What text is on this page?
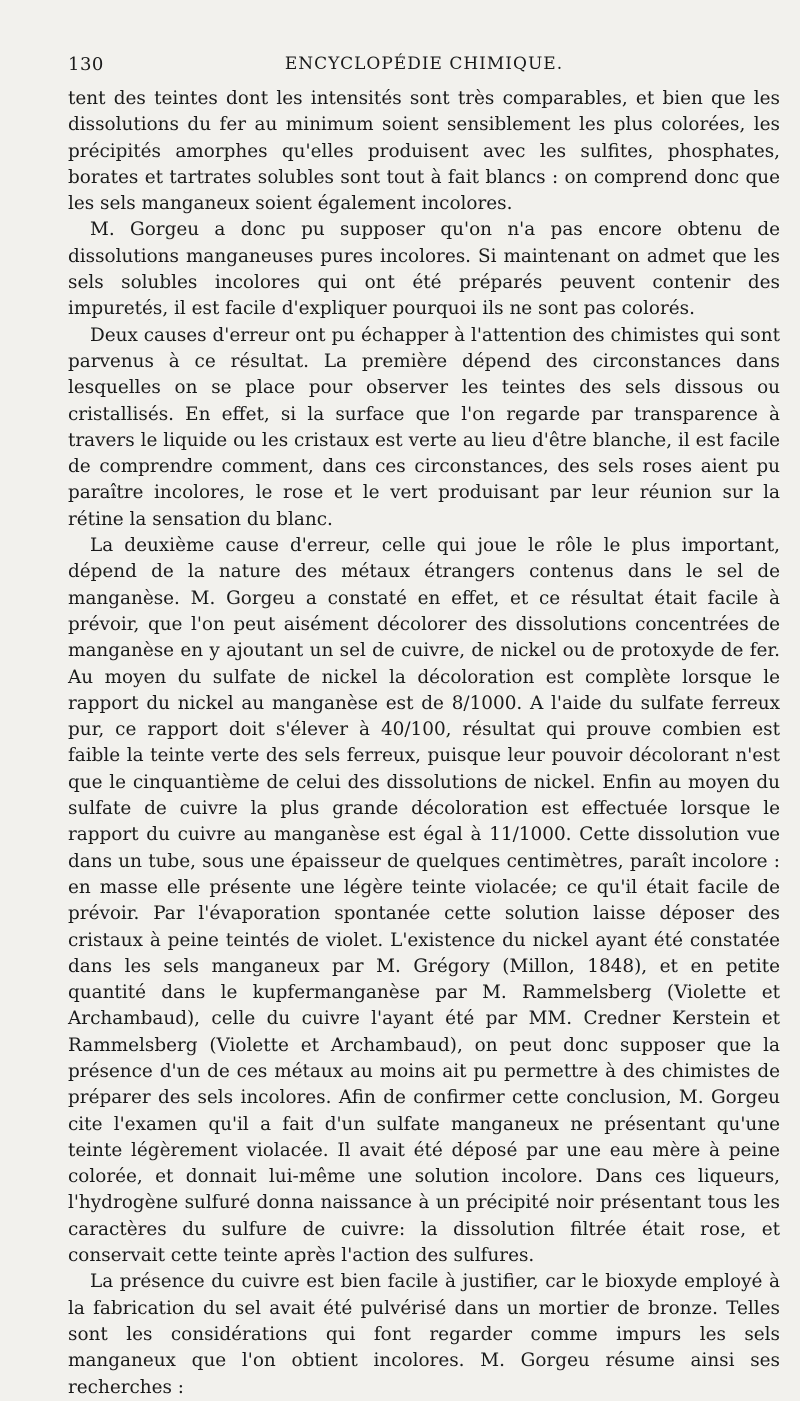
130	ENCYCLOPÉDIE CHIMIQUE.

tent des teintes dont les intensités sont très comparables, et bien que les dissolutions du fer au minimum soient sensiblement les plus colorées, les précipités amorphes qu'elles produisent avec les sulfites, phosphates, borates et tartrates solubles sont tout à fait blancs : on comprend donc que les sels manganeux soient également incolores.

M. Gorgeu a donc pu supposer qu'on n'a pas encore obtenu de dissolutions manganeuses pures incolores. Si maintenant on admet que les sels solubles incolores qui ont été préparés peuvent contenir des impuretés, il est facile d'expliquer pourquoi ils ne sont pas colorés.

Deux causes d'erreur ont pu échapper à l'attention des chimistes qui sont parvenus à ce résultat. La première dépend des circonstances dans lesquelles on se place pour observer les teintes des sels dissous ou cristallisés. En effet, si la surface que l'on regarde par transparence à travers le liquide ou les cristaux est verte au lieu d'être blanche, il est facile de comprendre comment, dans ces circonstances, des sels roses aient pu paraître incolores, le rose et le vert produisant par leur réunion sur la rétine la sensation du blanc.

La deuxième cause d'erreur, celle qui joue le rôle le plus important, dépend de la nature des métaux étrangers contenus dans le sel de manganèse. M. Gorgeu a constaté en effet, et ce résultat était facile à prévoir, que l'on peut aisément décolorer des dissolutions concentrées de manganèse en y ajoutant un sel de cuivre, de nickel ou de protoxyde de fer. Au moyen du sulfate de nickel la décoloration est complète lorsque le rapport du nickel au manganèse est de 8/1000. A l'aide du sulfate ferreux pur, ce rapport doit s'élever à 40/100, résultat qui prouve combien est faible la teinte verte des sels ferreux, puisque leur pouvoir décolorant n'est que le cinquantième de celui des dissolutions de nickel. Enfin au moyen du sulfate de cuivre la plus grande décoloration est effectuée lorsque le rapport du cuivre au manganèse est égal à 11/1000. Cette dissolution vue dans un tube, sous une épaisseur de quelques centimètres, paraît incolore : en masse elle présente une légère teinte violacée; ce qu'il était facile de prévoir. Par l'évaporation spontanée cette solution laisse déposer des cristaux à peine teintés de violet. L'existence du nickel ayant été constatée dans les sels manganeux par M. Grégory (Millon, 1848), et en petite quantité dans le kupfermanganèse par M. Rammelsberg (Violette et Archambaud), celle du cuivre l'ayant été par MM. Credner Kerstein et Rammelsberg (Violette et Archambaud), on peut donc supposer que la présence d'un de ces métaux au moins ait pu permettre à des chimistes de préparer des sels incolores. Afin de confirmer cette conclusion, M. Gorgeu cite l'examen qu'il a fait d'un sulfate manganeux ne présentant qu'une teinte légèrement violacée. Il avait été déposé par une eau mère à peine colorée, et donnait lui-même une solution incolore. Dans ces liqueurs, l'hydrogène sulfuré donna naissance à un précipité noir présentant tous les caractères du sulfure de cuivre: la dissolution filtrée était rose, et conservait cette teinte après l'action des sulfures.

La présence du cuivre est bien facile à justifier, car le bioxyde employé à la fabrication du sel avait été pulvérisé dans un mortier de bronze. Telles sont les considérations qui font regarder comme impurs les sels manganeux que l'on obtient incolores. M. Gorgeu résume ainsi ses recherches :
